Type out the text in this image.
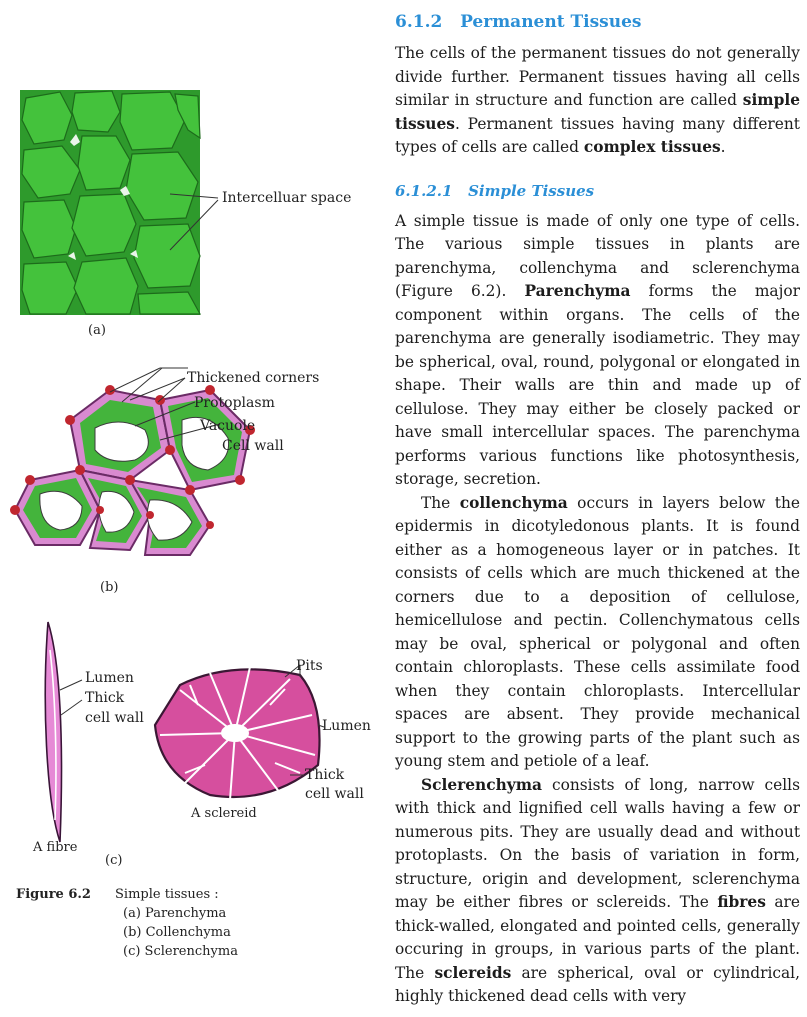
Intercelluar space
(a)
Thickened corners
Protoplasm
Vacuole
Cell wall
(b)
Lumen
Thick
cell wall
Pits
Lumen
Thick
cell wall
A sclereid
A fibre
(c)
Figure 6.2 Simple tissues :
(a) Parenchyma
(b) Collenchyma
(c) Sclerenchyma
6.1.2 Permanent Tissues

The cells of the permanent tissues do not generally divide further. Permanent tissues having all cells similar in structure and function are called simple tissues. Permanent tissues having many different types of cells are called complex tissues.

6.1.2.1 Simple Tissues

A simple tissue is made of only one type of cells. The various simple tissues in plants are parenchyma, collenchyma and sclerenchyma (Figure 6.2). Parenchyma forms the major component within organs. The cells of the parenchyma are generally isodiametric. They may be spherical, oval, round, polygonal or elongated in shape. Their walls are thin and made up of cellulose. They may either be closely packed or have small intercellular spaces. The parenchyma performs various functions like photosynthesis, storage, secretion.

The collenchyma occurs in layers below the epidermis in dicotyledonous plants. It is found either as a homogeneous layer or in patches. It consists of cells which are much thickened at the corners due to a deposition of cellulose, hemicellulose and pectin. Collenchymatous cells may be oval, spherical or polygonal and often contain chloroplasts. These cells assimilate food when they contain chloroplasts. Intercellular spaces are absent. They provide mechanical support to the growing parts of the plant such as young stem and petiole of a leaf.

Sclerenchyma consists of long, narrow cells with thick and lignified cell walls having a few or numerous pits. They are usually dead and without protoplasts. On the basis of variation in form, structure, origin and development, sclerenchyma may be either fibres or sclereids. The fibres are thick-walled, elongated and pointed cells, generally occuring in groups, in various parts of the plant. The sclereids are spherical, oval or cylindrical, highly thickened dead cells with very
